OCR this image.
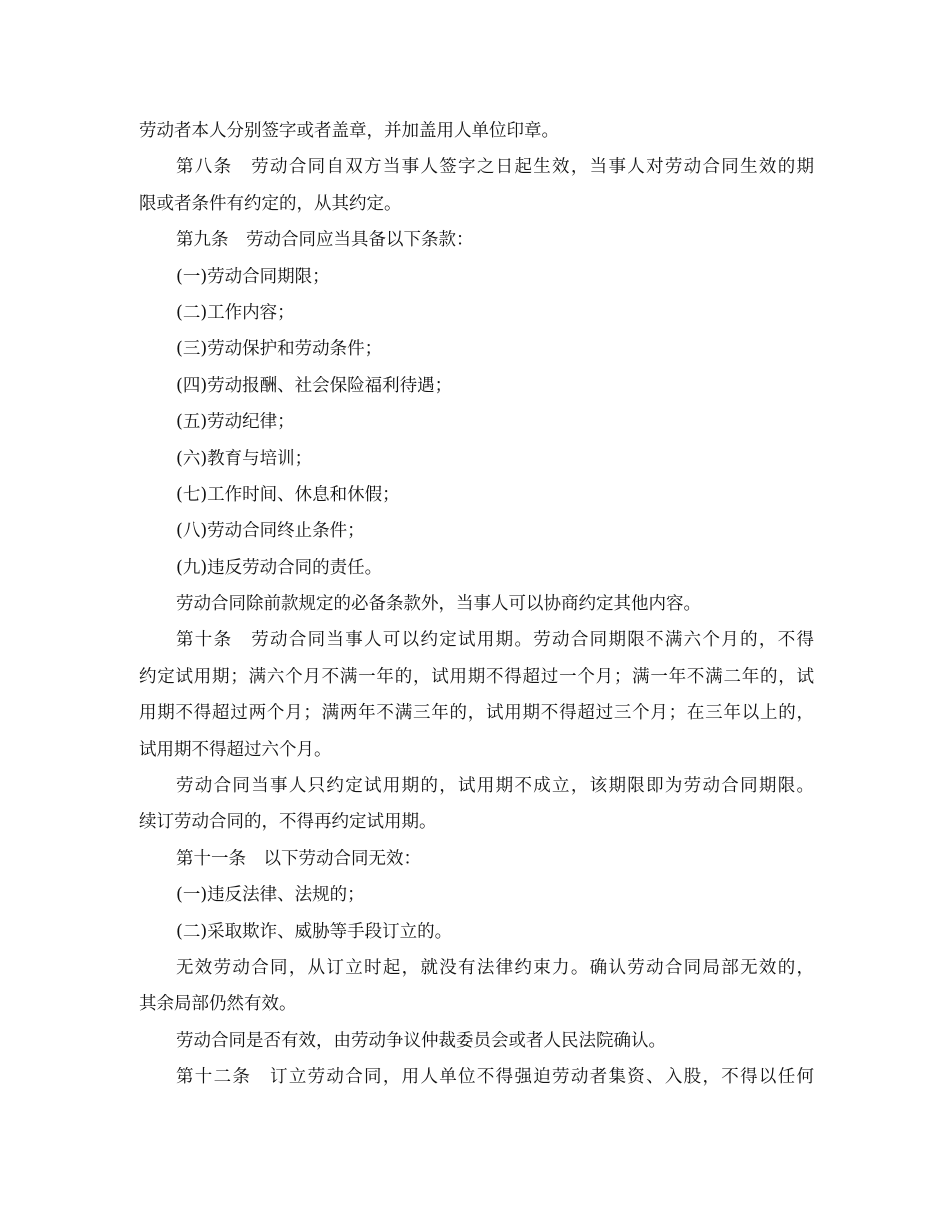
劳动者本人分别签字或者盖章，并加盖用人单位印章。
第八条　劳动合同自双方当事人签字之日起生效，当事人对劳动合同生效的期
限或者条件有约定的，从其约定。
第九条　劳动合同应当具备以下条款：
(一)劳动合同期限；
(二)工作内容；
(三)劳动保护和劳动条件；
(四)劳动报酬、社会保险福利待遇；
(五)劳动纪律；
(六)教育与培训；
(七)工作时间、休息和休假；
(八)劳动合同终止条件；
(九)违反劳动合同的责任。
劳动合同除前款规定的必备条款外，当事人可以协商约定其他内容。
第十条　劳动合同当事人可以约定试用期。劳动合同期限不满六个月的，不得
约定试用期；满六个月不满一年的，试用期不得超过一个月；满一年不满二年的，试
用期不得超过两个月；满两年不满三年的，试用期不得超过三个月；在三年以上的，
试用期不得超过六个月。
劳动合同当事人只约定试用期的，试用期不成立，该期限即为劳动合同期限。
续订劳动合同的，不得再约定试用期。
第十一条　以下劳动合同无效：
(一)违反法律、法规的；
(二)采取欺诈、威胁等手段订立的。
无效劳动合同，从订立时起，就没有法律约束力。确认劳动合同局部无效的，
其余局部仍然有效。
劳动合同是否有效，由劳动争议仲裁委员会或者人民法院确认。
第十二条　订立劳动合同，用人单位不得强迫劳动者集资、入股，不得以任何
